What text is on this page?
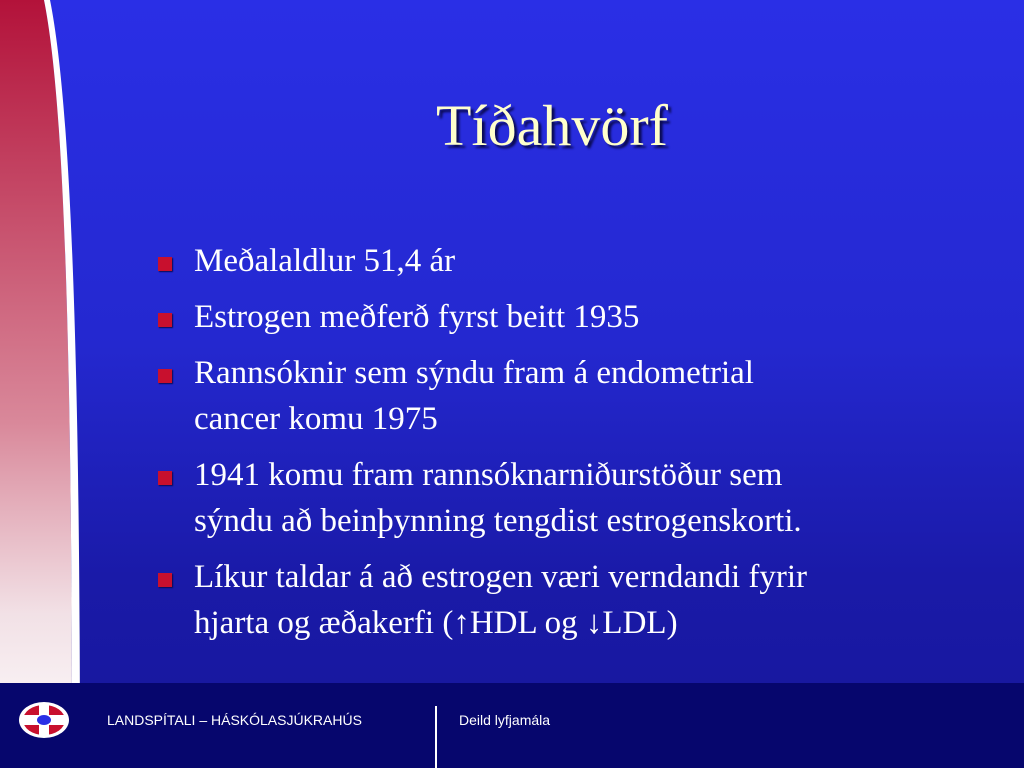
Tíðahvörf
Meðalaldlur 51,4 ár
Estrogen meðferð fyrst beitt 1935
Rannsóknir sem sýndu fram á endometrial
cancer komu 1975
1941 komu fram rannsóknarniðurstöður sem
sýndu að beinþynning tengdist estrogenskorti.
Líkur taldar á að estrogen væri verndandi fyrir
hjarta og æðakerfi (↑HDL og ↓LDL)
LANDSPÍTALI – HÁSKÓLASJÚKRAHÚS	Deild lyfjamála
